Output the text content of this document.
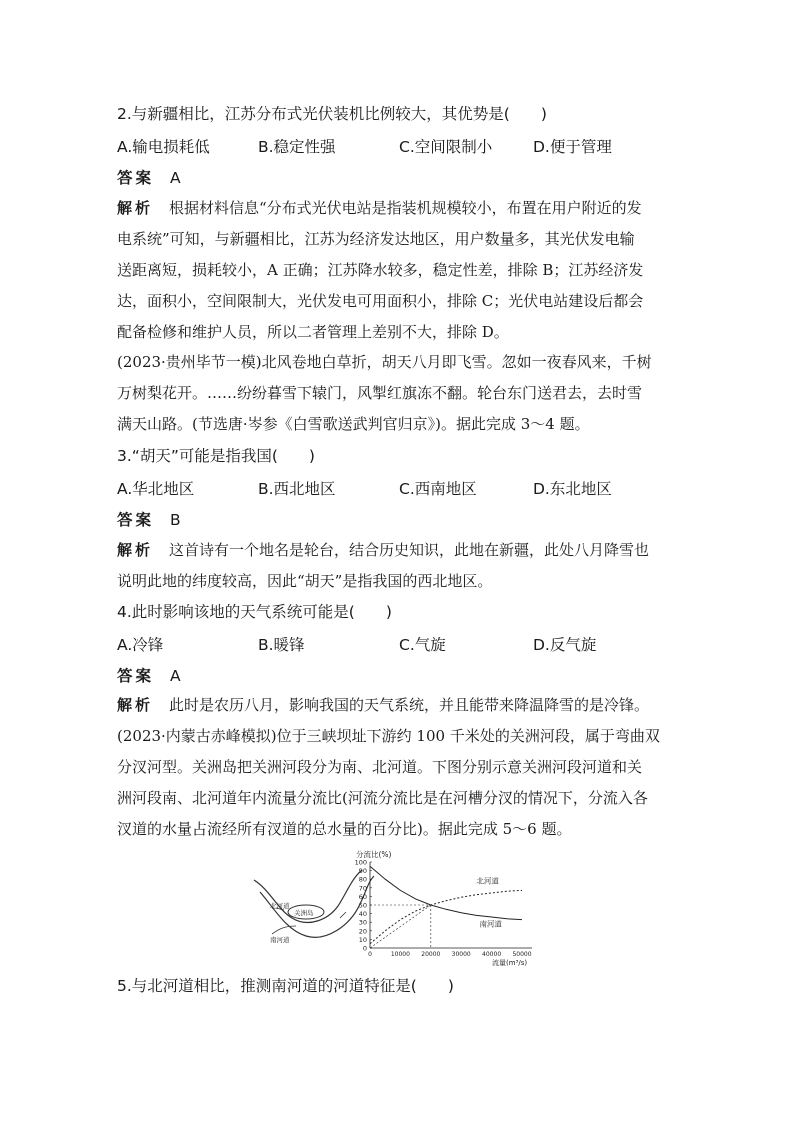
2.与新疆相比，江苏分布式光伏装机比例较大，其优势是(　　)
A.输电损耗低	B.稳定性强	C.空间限制小	D.便于管理
答案 A
解析 根据材料信息“分布式光伏电站是指装机规模较小，布置在用户附近的发
电系统”可知，与新疆相比，江苏为经济发达地区，用户数量多，其光伏发电输
送距离短，损耗较小，A 正确；江苏降水较多，稳定性差，排除 B；江苏经济发
达，面积小，空间限制大，光伏发电可用面积小，排除 C；光伏电站建设后都会
配备检修和维护人员，所以二者管理上差别不大，排除 D。
(2023·贵州毕节一模)北风卷地白草折，胡天八月即飞雪。忽如一夜春风来，千树
万树梨花开。……纷纷暮雪下辕门，风掣红旗冻不翻。轮台东门送君去，去时雪
满天山路。(节选唐·岑参《白雪歌送武判官归京》)。据此完成 3～4 题。
3.“胡天”可能是指我国(　　)
A.华北地区	B.西北地区	C.西南地区	D.东北地区
答案 B
解析 这首诗有一个地名是轮台，结合历史知识，此地在新疆，此处八月降雪也
说明此地的纬度较高，因此“胡天”是指我国的西北地区。
4.此时影响该地的天气系统可能是(　　)
A.冷锋	B.暖锋	C.气旋	D.反气旋
答案 A
解析 此时是农历八月，影响我国的天气系统，并且能带来降温降雪的是冷锋。
(2023·内蒙古赤峰模拟)位于三峡坝址下游约 100 千米处的关洲河段，属于弯曲双
分汊河型。关洲岛把关洲河段分为南、北河道。下图分别示意关洲河段河道和关
洲河段南、北河道年内流量分流比(河流分流比是在河槽分汊的情况下，分流入各
汊道的水量占流经所有汊道的总水量的百分比)。据此完成 5～6 题。
北河道
关洲岛
南河道
分流比(%)
流量(m³/s)
100
90
80
70
60
50
40
30
20
10
0
0	10000 20000 30000 40000 50000
北河道
南河道
5.与北河道相比，推测南河道的河道特征是(　　)
